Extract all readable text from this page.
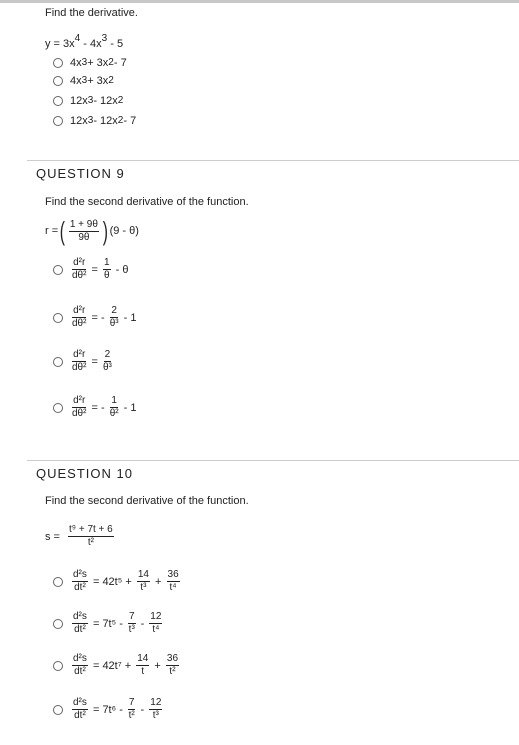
Find the derivative.
$y = 3x^4 - 4x^3 - 5$
4x 3 + 3x 2 - 7
4x 3 + 3x 2
12x 3 - 12x 2
12x 3 - 12x 2 - 7
QUESTION 9
Find the second derivative of the function.
r = ( $\frac{1 + 9\theta}{9\theta}$ ) (9 - θ)
$\frac{\text{d²r}}{\text{dθ²}} = \frac{1}{\theta} - \theta$
$\frac{\text{d²r}}{\text{dθ²}}$ = - $\frac{2}{\text{θ³}} - 1$
$\frac{\text{d²r}}{\text{dθ²}} = \frac{2}{\text{θ³}}$
$\frac{\text{d²r}}{\text{dθ²}}$ = - $\frac{1}{\text{θ²}} - 1$
QUESTION 10
Find the second derivative of the function.
$s = \frac{\text{t⁹ + 7t + 6}}{\text{t²}}$
$\frac{\text{d²s}}{\text{dt²}} = 42t^5 + \frac{14}{\text{t³}} + \frac{36}{\text{t⁴}}$
$\frac{\text{d²s}}{\text{dt²}} = 7t^5 - \frac{7}{\text{t³}} - \frac{12}{\text{t⁴}}$
$\frac{\text{d²s}}{\text{dt²}} = 42t^7 + \frac{14}{t} + \frac{36}{\text{t²}}$
$\frac{\text{d²s}}{\text{dt²}} = 7t^6 - \frac{7}{\text{t²}} - \frac{12}{\text{t³}}$
